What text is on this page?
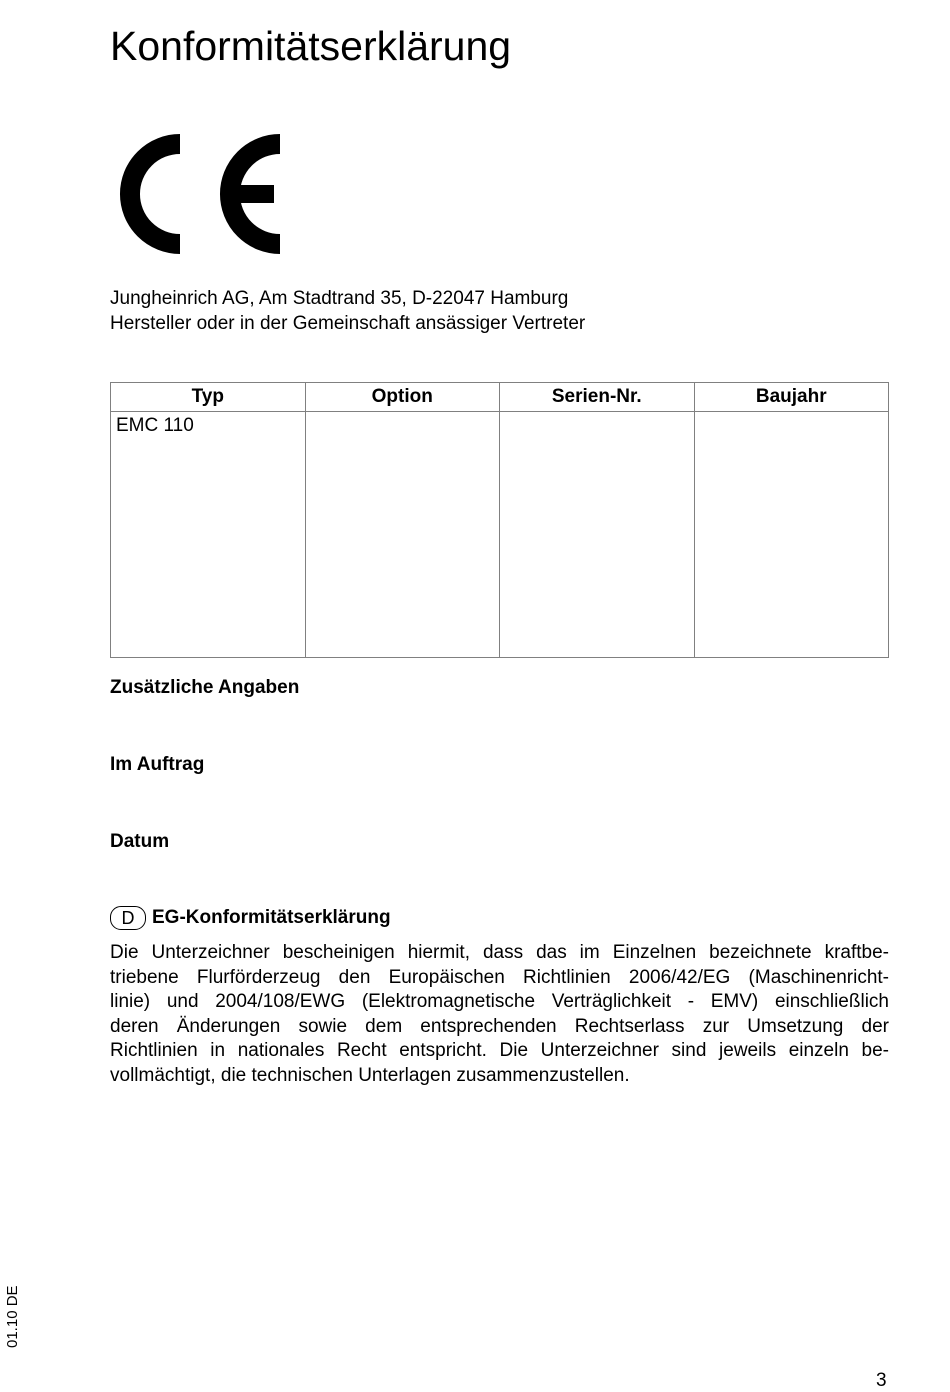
Konformitätserklärung
Jungheinrich AG, Am Stadtrand 35, D-22047 Hamburg
Hersteller oder in der Gemeinschaft ansässiger Vertreter
Typ	Option	Serien-Nr.	Baujahr
EMC 110			
Zusätzliche Angaben
Im Auftrag
Datum
D EG-Konformitätserklärung
Die Unterzeichner bescheinigen hiermit, dass das im Einzelnen bezeichnete kraftbe-
triebene Flurförderzeug den Europäischen Richtlinien 2006/42/EG (Maschinenricht-
linie) und 2004/108/EWG (Elektromagnetische Verträglichkeit - EMV) einschließlich
deren Änderungen sowie dem entsprechenden Rechtserlass zur Umsetzung der
Richtlinien in nationales Recht entspricht. Die Unterzeichner sind jeweils einzeln be-
vollmächtigt, die technischen Unterlagen zusammenzustellen.
01.10 DE
3
